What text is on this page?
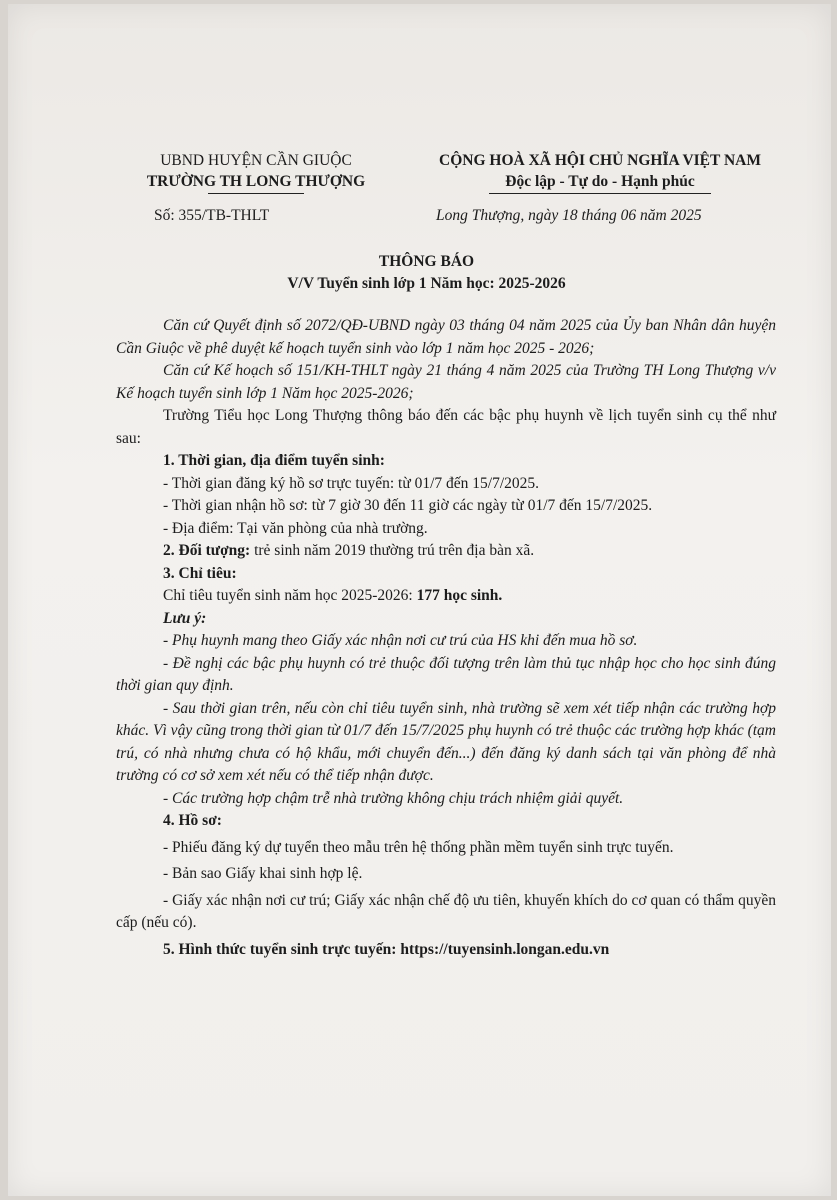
UBND HUYỆN CẦN GIUỘC
TRƯỜNG TH LONG THƯỢNG
CỘNG HOÀ XÃ HỘI CHỦ NGHĨA VIỆT NAM
Độc lập - Tự do - Hạnh phúc
Số: 355/TB-THLT	Long Thượng, ngày 18 tháng 06 năm 2025
THÔNG BÁO
V/V Tuyển sinh lớp 1 Năm học: 2025-2026

Căn cứ Quyết định số 2072/QĐ-UBND ngày 03 tháng 04 năm 2025 của Ủy ban Nhân dân huyện Cần Giuộc về phê duyệt kế hoạch tuyển sinh vào lớp 1 năm học 2025 - 2026;

Căn cứ Kế hoạch số 151/KH-THLT ngày 21 tháng 4 năm 2025 của Trường TH Long Thượng v/v Kế hoạch tuyển sinh lớp 1 Năm học 2025-2026;

Trường Tiểu học Long Thượng thông báo đến các bậc phụ huynh về lịch tuyển sinh cụ thể như sau:

1. Thời gian, địa điểm tuyển sinh:

- Thời gian đăng ký hồ sơ trực tuyến: từ 01/7 đến 15/7/2025.

- Thời gian nhận hồ sơ: từ 7 giờ 30 đến 11 giờ các ngày từ 01/7 đến 15/7/2025.

- Địa điểm: Tại văn phòng của nhà trường.

2. Đối tượng: trẻ sinh năm 2019 thường trú trên địa bàn xã.

3. Chỉ tiêu:

Chỉ tiêu tuyển sinh năm học 2025-2026: 177 học sinh.

Lưu ý:

- Phụ huynh mang theo Giấy xác nhận nơi cư trú của HS khi đến mua hồ sơ.

- Đề nghị các bậc phụ huynh có trẻ thuộc đối tượng trên làm thủ tục nhập học cho học sinh đúng thời gian quy định.

- Sau thời gian trên, nếu còn chỉ tiêu tuyển sinh, nhà trường sẽ xem xét tiếp nhận các trường hợp khác. Vì vậy cũng trong thời gian từ 01/7 đến 15/7/2025 phụ huynh có trẻ thuộc các trường hợp khác (tạm trú, có nhà nhưng chưa có hộ khẩu, mới chuyển đến...) đến đăng ký danh sách tại văn phòng để nhà trường có cơ sở xem xét nếu có thể tiếp nhận được.

- Các trường hợp chậm trễ nhà trường không chịu trách nhiệm giải quyết.

4. Hồ sơ:

- Phiếu đăng ký dự tuyển theo mẫu trên hệ thống phần mềm tuyển sinh trực tuyến.

- Bản sao Giấy khai sinh hợp lệ.

- Giấy xác nhận nơi cư trú; Giấy xác nhận chế độ ưu tiên, khuyến khích do cơ quan có thẩm quyền cấp (nếu có).

5. Hình thức tuyển sinh trực tuyến: https://tuyensinh.longan.edu.vn
